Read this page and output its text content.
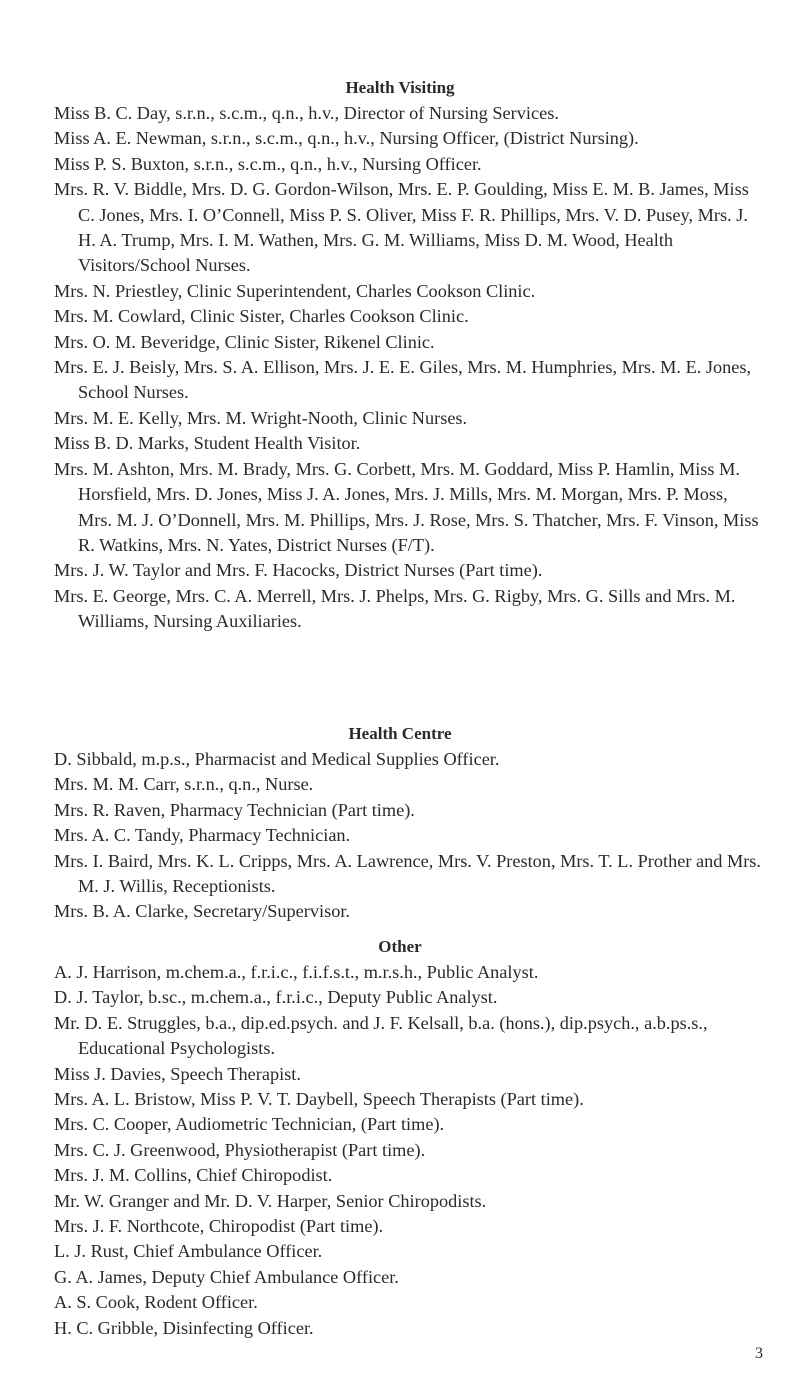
Health Visiting

Miss B. C. Day, s.r.n., s.c.m., q.n., h.v., Director of Nursing Services.

Miss A. E. Newman, s.r.n., s.c.m., q.n., h.v., Nursing Officer, (District Nursing).

Miss P. S. Buxton, s.r.n., s.c.m., q.n., h.v., Nursing Officer.

Mrs. R. V. Biddle, Mrs. D. G. Gordon-Wilson, Mrs. E. P. Goulding, Miss E. M. B. James, Miss C. Jones, Mrs. I. O’Connell, Miss P. S. Oliver, Miss F. R. Phillips, Mrs. V. D. Pusey, Mrs. J. H. A. Trump, Mrs. I. M. Wathen, Mrs. G. M. Williams, Miss D. M. Wood, Health Visitors/School Nurses.

Mrs. N. Priestley, Clinic Superintendent, Charles Cookson Clinic.

Mrs. M. Cowlard, Clinic Sister, Charles Cookson Clinic.

Mrs. O. M. Beveridge, Clinic Sister, Rikenel Clinic.

Mrs. E. J. Beisly, Mrs. S. A. Ellison, Mrs. J. E. E. Giles, Mrs. M. Humphries, Mrs. M. E. Jones, School Nurses.

Mrs. M. E. Kelly, Mrs. M. Wright-Nooth, Clinic Nurses.

Miss B. D. Marks, Student Health Visitor.

Mrs. M. Ashton, Mrs. M. Brady, Mrs. G. Corbett, Mrs. M. Goddard, Miss P. Hamlin, Miss M. Horsfield, Mrs. D. Jones, Miss J. A. Jones, Mrs. J. Mills, Mrs. M. Morgan, Mrs. P. Moss, Mrs. M. J. O’Donnell, Mrs. M. Phillips, Mrs. J. Rose, Mrs. S. Thatcher, Mrs. F. Vinson, Miss R. Watkins, Mrs. N. Yates, District Nurses (F/T).

Mrs. J. W. Taylor and Mrs. F. Hacocks, District Nurses (Part time).

Mrs. E. George, Mrs. C. A. Merrell, Mrs. J. Phelps, Mrs. G. Rigby, Mrs. G. Sills and Mrs. M. Williams, Nursing Auxiliaries.

Health Centre

D. Sibbald, m.p.s., Pharmacist and Medical Supplies Officer.

Mrs. M. M. Carr, s.r.n., q.n., Nurse.

Mrs. R. Raven, Pharmacy Technician (Part time).

Mrs. A. C. Tandy, Pharmacy Technician.

Mrs. I. Baird, Mrs. K. L. Cripps, Mrs. A. Lawrence, Mrs. V. Preston, Mrs. T. L. Prother and Mrs. M. J. Willis, Receptionists.

Mrs. B. A. Clarke, Secretary/Supervisor.

Other

A. J. Harrison, m.chem.a., f.r.i.c., f.i.f.s.t., m.r.s.h., Public Analyst.

D. J. Taylor, b.sc., m.chem.a., f.r.i.c., Deputy Public Analyst.

Mr. D. E. Struggles, b.a., dip.ed.psych. and J. F. Kelsall, b.a. (hons.), dip.psych., a.b.ps.s., Educational Psychologists.

Miss J. Davies, Speech Therapist.

Mrs. A. L. Bristow, Miss P. V. T. Daybell, Speech Therapists (Part time).

Mrs. C. Cooper, Audiometric Technician, (Part time).

Mrs. C. J. Greenwood, Physiotherapist (Part time).

Mrs. J. M. Collins, Chief Chiropodist.

Mr. W. Granger and Mr. D. V. Harper, Senior Chiropodists.

Mrs. J. F. Northcote, Chiropodist (Part time).

L. J. Rust, Chief Ambulance Officer.

G. A. James, Deputy Chief Ambulance Officer.

A. S. Cook, Rodent Officer.

H. C. Gribble, Disinfecting Officer.

3
